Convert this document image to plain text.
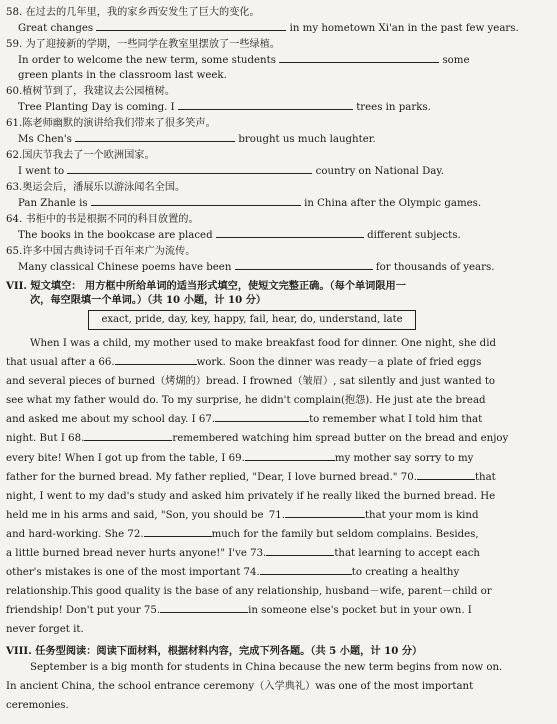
58. 在过去的几年里，我的家乡西安发生了巨大的变化。
Great changes	in my hometown Xi'an in the past few years.
59. 为了迎接新的学期，一些同学在教室里摆放了一些绿植。
In order to welcome the new term, some students	some
green plants in the classroom last week.
60.植树节到了，我建议去公园植树。
Tree Planting Day is coming. I	trees in parks.
61.陈老师幽默的演讲给我们带来了很多笑声。
Ms Chen's	brought us much laughter.
62.国庆节我去了一个欧洲国家。
I went to	country on National Day.
63.奥运会后，潘展乐以游泳闻名全国。
Pan Zhanle is	in China after the Olympic games.
64. 书柜中的书是根据不同的科目放置的。
The books in the bookcase are placed	different subjects.
65.许多中国古典诗词千百年来广为流传。
Many classical Chinese poems have been	for thousands of years.
VII. 短文填空： 用方框中所给单词的适当形式填空，使短文完整正确。（每个单词限用一
次，每空限填一个单词。）（共 10 小题，计 10 分）
exact, pride, day, key, happy, fail, hear, do, understand, late

When I was a child, my mother used to make breakfast food for dinner. One night, she did

that usual after a 66.	work. Soon the dinner was ready－a plate of fried eggs

and several pieces of burned（烤煳的）bread. I frowned（皱眉）, sat silently and just wanted to

see what my father would do. To my surprise, he didn't complain(抱怨). He just ate the bread

and asked me about my school day. I 67.	to remember what I told him that

night. But I 68.	remembered watching him spread butter on the bread and enjoy

every bite! When I got up from the table, I 69.	my mother say sorry to my

father for the burned bread. My father replied, "Dear, I love burned bread." 70.	that

night, I went to my dad's study and asked him privately if he really liked the burned bread. He

held me in his arms and said, "Son, you should be 71.	that your mom is kind

and hard-working. She 72.	much for the family but seldom complains. Besides,

a little burned bread never hurts anyone!" I've 73.	that learning to accept each

other's mistakes is one of the most important 74.	to creating a healthy

relationship.This good quality is the base of any relationship, husband－wife, parent－child or

friendship! Don't put your 75.	in someone else's pocket but in your own. I

never forget it.

VIII. 任务型阅读：阅读下面材料，根据材料内容，完成下列各题。（共 5 小题，计 10 分）

September is a big month for students in China because the new term begins from now on.

In ancient China, the school entrance ceremony（入学典礼）was one of the most important

ceremonies.
